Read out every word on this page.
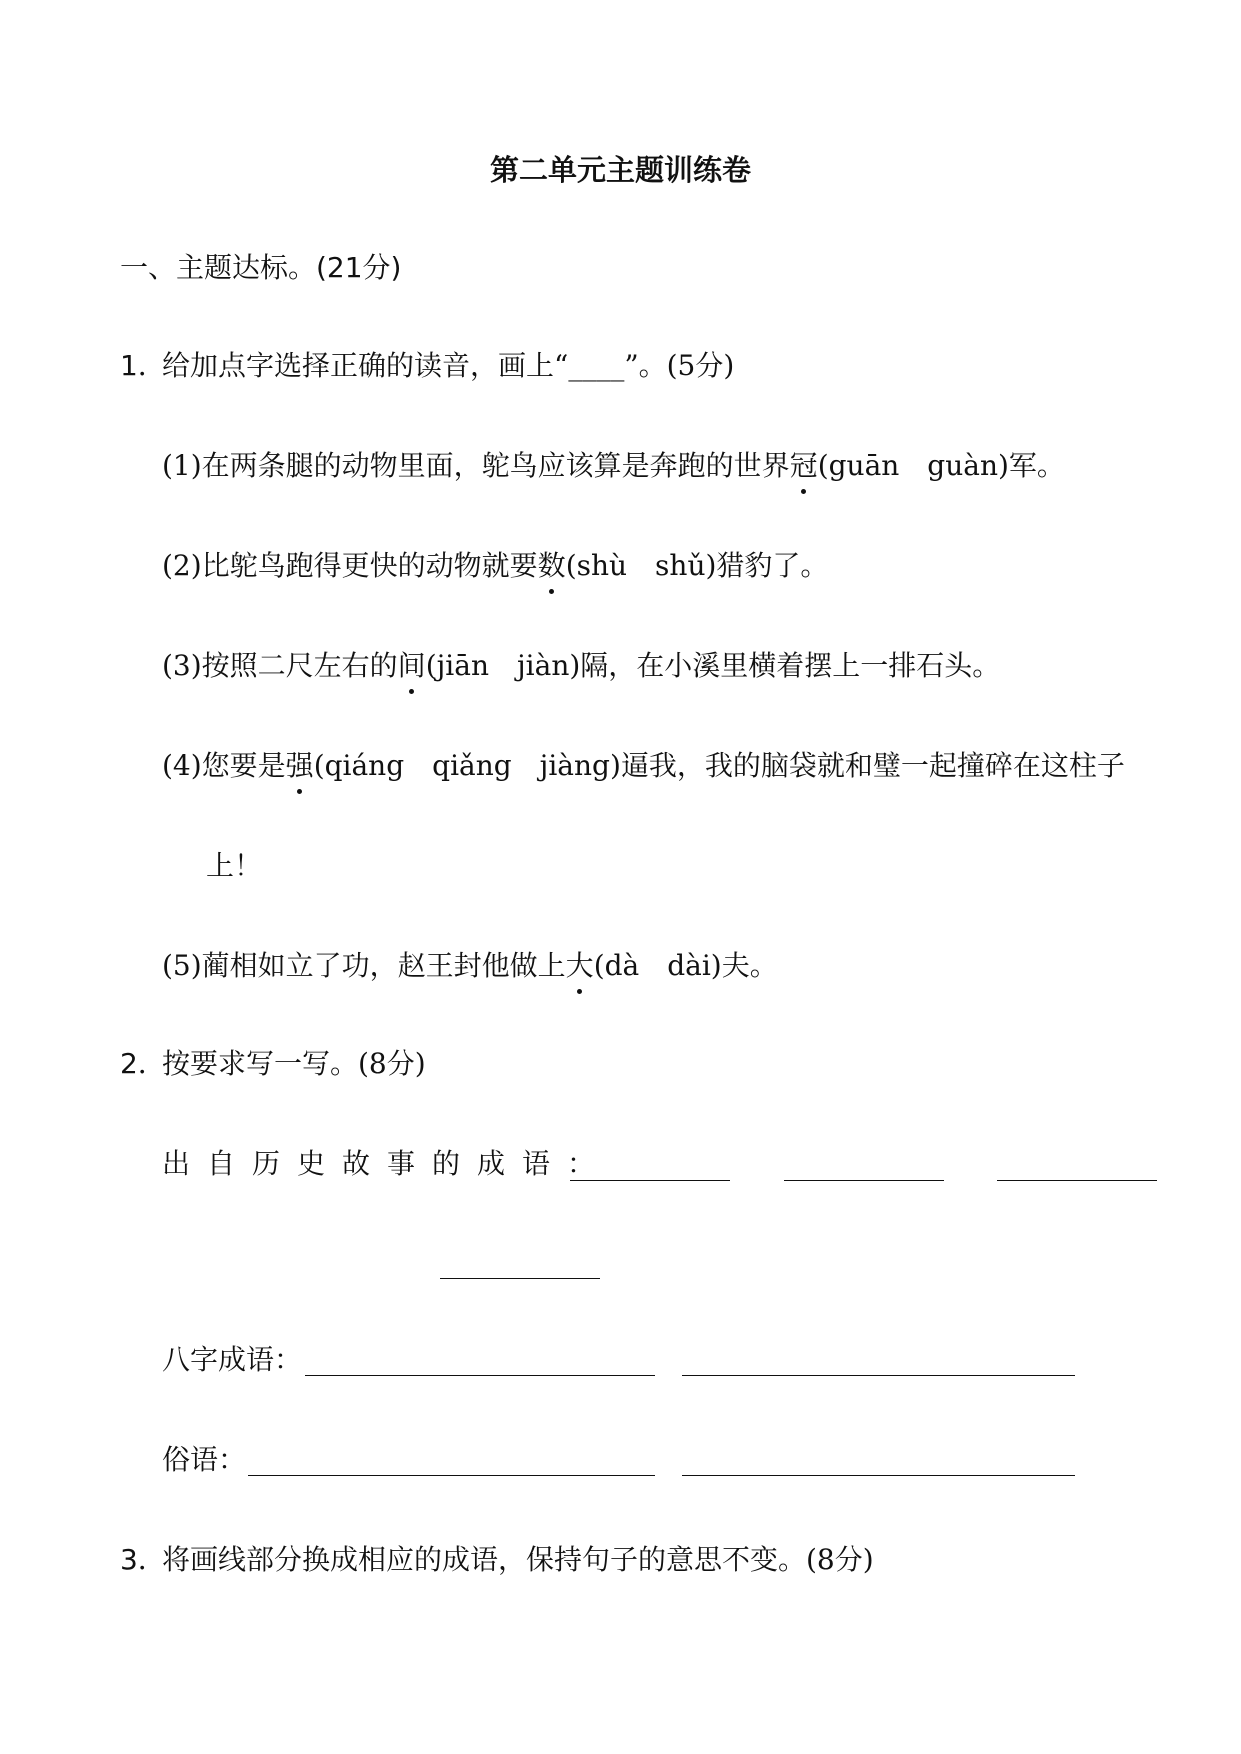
第二单元主题训练卷
一、主题达标。(21分)
1．给加点字选择正确的读音，画上“____”。(5分)
(1)在两条腿的动物里面，鸵鸟应该算是奔跑的世界冠(guān guàn)军。
(2)比鸵鸟跑得更快的动物就要数(shù shǔ)猎豹了。
(3)按照二尺左右的间(jiān jiàn)隔，在小溪里横着摆上一排石头。
(4)您要是强(qiáng qiǎng jiàng)逼我，我的脑袋就和璧一起撞碎在这柱子
上！
(5)蔺相如立了功，赵王封他做上大(dà dài)夫。
2．按要求写一写。(8分)
出自历史故事的成语：
八字成语：
俗语：
3．将画线部分换成相应的成语，保持句子的意思不变。(8分)
